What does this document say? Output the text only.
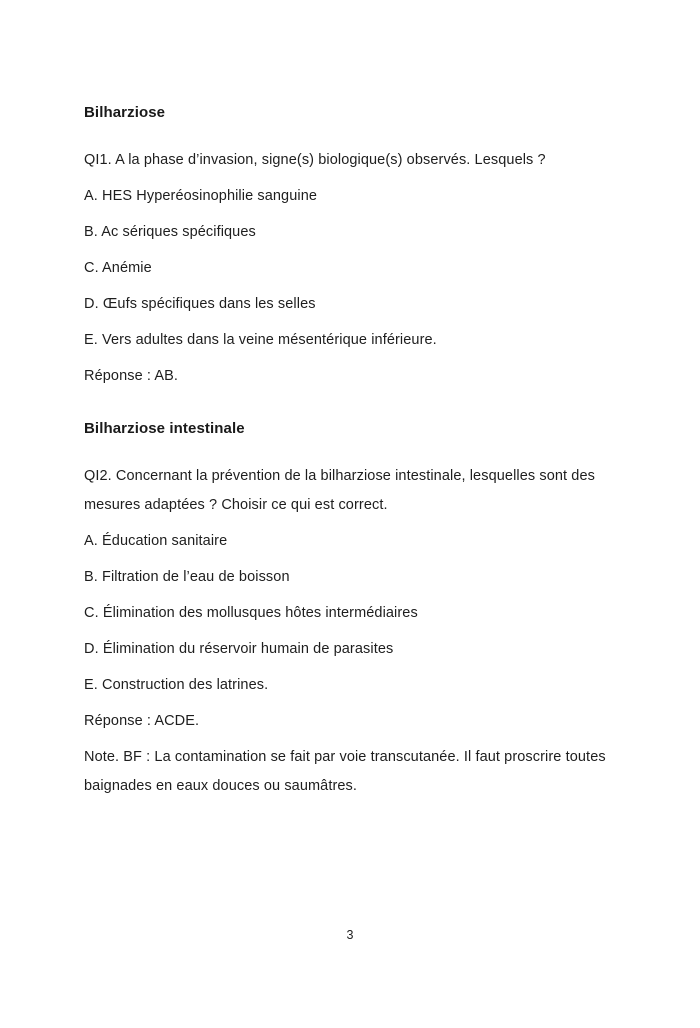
Bilharziose

QI1. A la phase d’invasion, signe(s) biologique(s) observés. Lesquels ?

A. HES Hyperéosinophilie sanguine

B. Ac sériques spécifiques

C. Anémie

D. Œufs spécifiques dans les selles

E. Vers adultes dans la veine mésentérique inférieure.

Réponse : AB.

Bilharziose intestinale

QI2. Concernant la prévention de la bilharziose intestinale, lesquelles sont des mesures adaptées ? Choisir ce qui est correct.

A. Éducation sanitaire

B. Filtration de l’eau de boisson

C. Élimination des mollusques hôtes intermédiaires

D. Élimination du réservoir humain de parasites

E. Construction des latrines.

Réponse : ACDE.

Note. BF : La contamination se fait par voie transcutanée. Il faut proscrire toutes baignades en eaux douces ou saumâtres.

3
